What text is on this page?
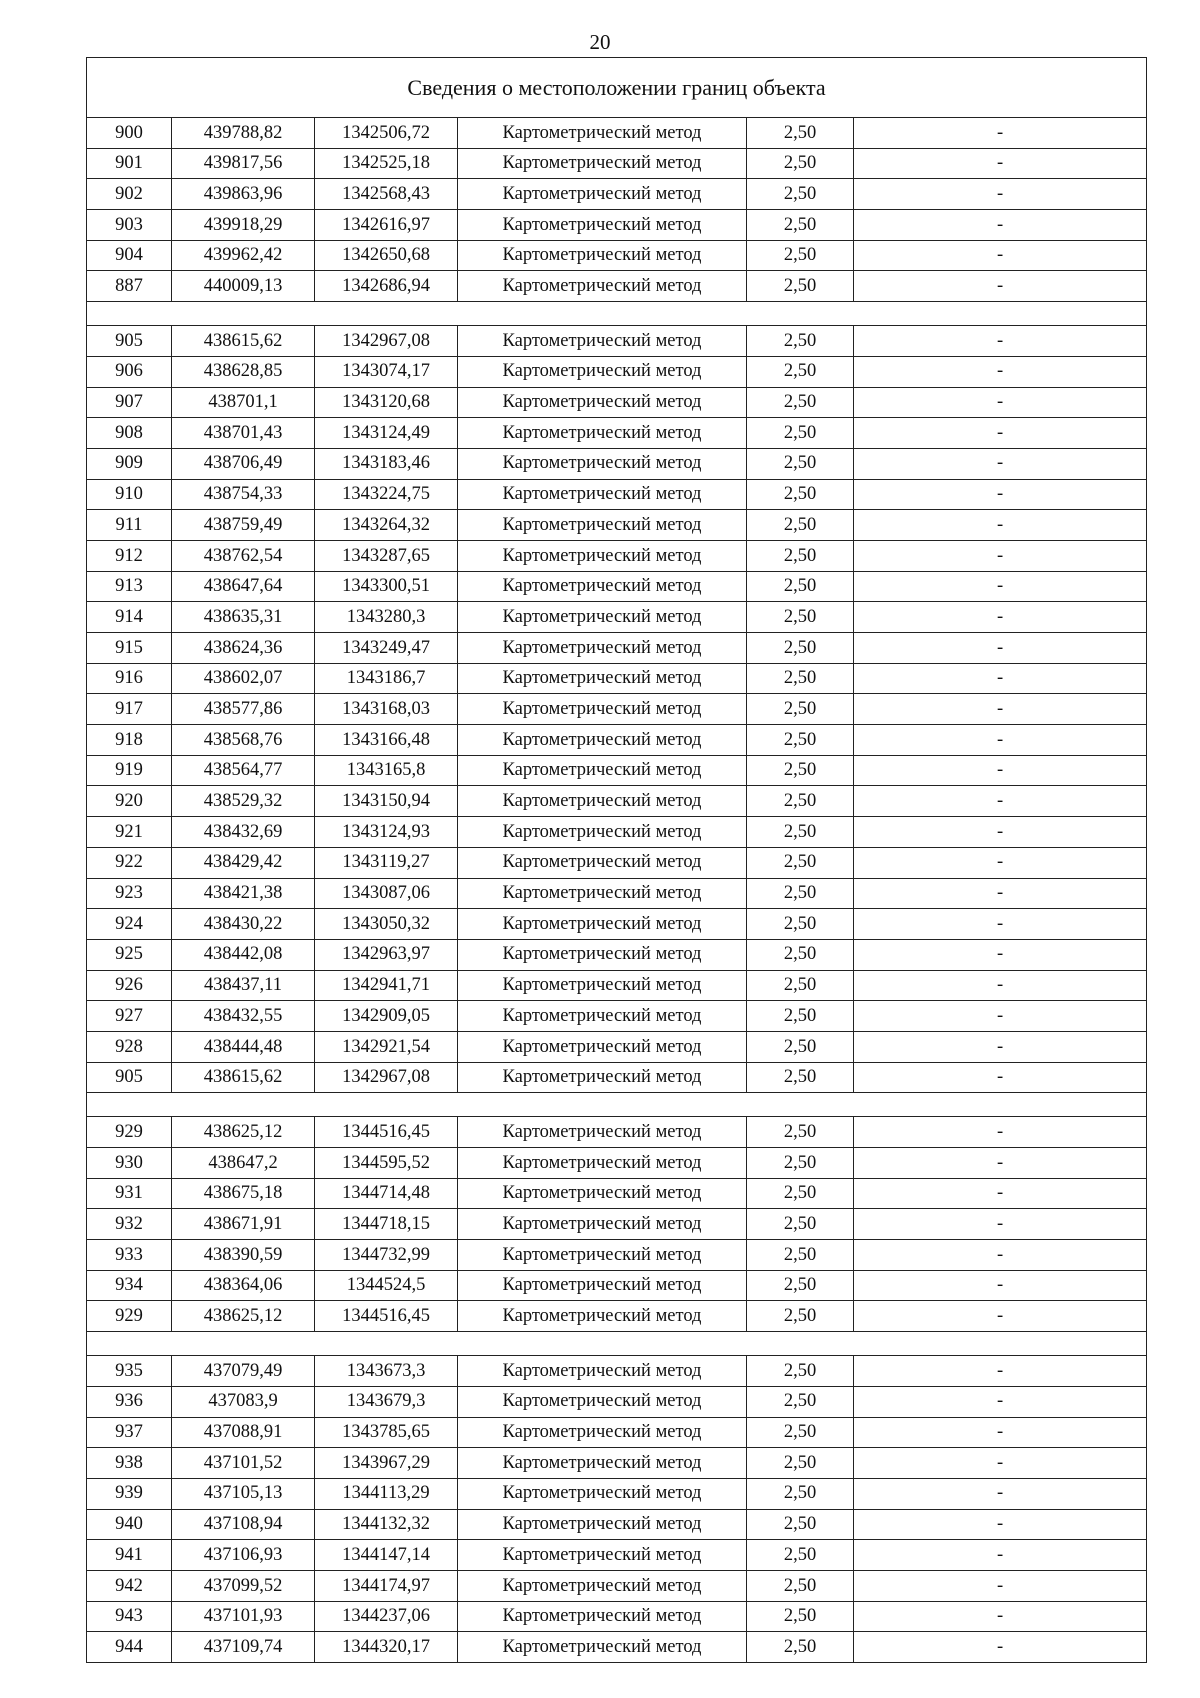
20
Сведения о местоположении границ объекта					
900	439788,82	1342506,72	Картометрический метод	2,50	-
901	439817,56	1342525,18	Картометрический метод	2,50	-
902	439863,96	1342568,43	Картометрический метод	2,50	-
903	439918,29	1342616,97	Картометрический метод	2,50	-
904	439962,42	1342650,68	Картометрический метод	2,50	-
887	440009,13	1342686,94	Картометрический метод	2,50	-

905	438615,62	1342967,08	Картометрический метод	2,50	-
906	438628,85	1343074,17	Картометрический метод	2,50	-
907	438701,1	1343120,68	Картометрический метод	2,50	-
908	438701,43	1343124,49	Картометрический метод	2,50	-
909	438706,49	1343183,46	Картометрический метод	2,50	-
910	438754,33	1343224,75	Картометрический метод	2,50	-
911	438759,49	1343264,32	Картометрический метод	2,50	-
912	438762,54	1343287,65	Картометрический метод	2,50	-
913	438647,64	1343300,51	Картометрический метод	2,50	-
914	438635,31	1343280,3	Картометрический метод	2,50	-
915	438624,36	1343249,47	Картометрический метод	2,50	-
916	438602,07	1343186,7	Картометрический метод	2,50	-
917	438577,86	1343168,03	Картометрический метод	2,50	-
918	438568,76	1343166,48	Картометрический метод	2,50	-
919	438564,77	1343165,8	Картометрический метод	2,50	-
920	438529,32	1343150,94	Картометрический метод	2,50	-
921	438432,69	1343124,93	Картометрический метод	2,50	-
922	438429,42	1343119,27	Картометрический метод	2,50	-
923	438421,38	1343087,06	Картометрический метод	2,50	-
924	438430,22	1343050,32	Картометрический метод	2,50	-
925	438442,08	1342963,97	Картометрический метод	2,50	-
926	438437,11	1342941,71	Картометрический метод	2,50	-
927	438432,55	1342909,05	Картометрический метод	2,50	-
928	438444,48	1342921,54	Картометрический метод	2,50	-
905	438615,62	1342967,08	Картометрический метод	2,50	-

929	438625,12	1344516,45	Картометрический метод	2,50	-
930	438647,2	1344595,52	Картометрический метод	2,50	-
931	438675,18	1344714,48	Картометрический метод	2,50	-
932	438671,91	1344718,15	Картометрический метод	2,50	-
933	438390,59	1344732,99	Картометрический метод	2,50	-
934	438364,06	1344524,5	Картометрический метод	2,50	-
929	438625,12	1344516,45	Картометрический метод	2,50	-

935	437079,49	1343673,3	Картометрический метод	2,50	-
936	437083,9	1343679,3	Картометрический метод	2,50	-
937	437088,91	1343785,65	Картометрический метод	2,50	-
938	437101,52	1343967,29	Картометрический метод	2,50	-
939	437105,13	1344113,29	Картометрический метод	2,50	-
940	437108,94	1344132,32	Картометрический метод	2,50	-
941	437106,93	1344147,14	Картометрический метод	2,50	-
942	437099,52	1344174,97	Картометрический метод	2,50	-
943	437101,93	1344237,06	Картометрический метод	2,50	-
944	437109,74	1344320,17	Картометрический метод	2,50	-
